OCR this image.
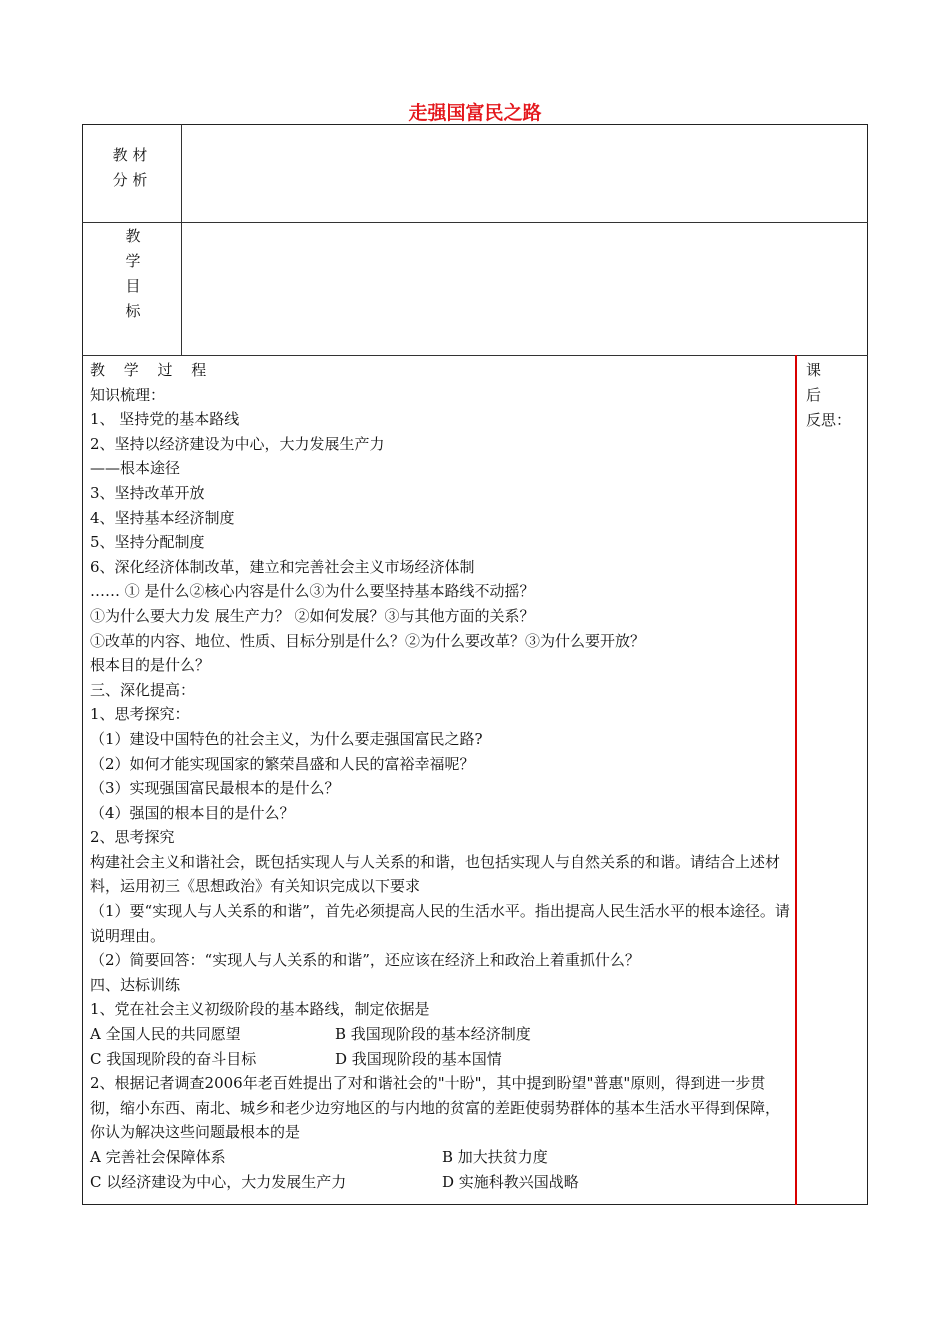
走强国富民之路
教 材
分 析
教
学
目
标
教 学 过 程
知识梳理：
1、 坚持党的基本路线
2、坚持以经济建设为中心，大力发展生产力
——根本途径
3、坚持改革开放
4、坚持基本经济制度
5、坚持分配制度
6、深化经济体制改革，建立和完善社会主义市场经济体制
…… ① 是什么②核心内容是什么③为什么要坚持基本路线不动摇？
①为什么要大力发 展生产力？ ②如何发展？③与其他方面的关系？
①改革的内容、地位、性质、目标分别是什么？②为什么要改革？③为什么要开放？
根本目的是什么？
三、深化提高：
1、思考探究：
（1）建设中国特色的社会主义，为什么要走强国富民之路?
（2）如何才能实现国家的繁荣昌盛和人民的富裕幸福呢？
（3）实现强国富民最根本的是什么？
（4）强国的根本目的是什么？
2、思考探究
构建社会主义和谐社会，既包括实现人与人关系的和谐，也包括实现人与自然关系的和谐。请结合上述材料，运用初三《思想政治》有关知识完成以下要求
（1）要“实现人与人关系的和谐”，首先必须提高人民的生活水平。指出提高人民生活水平的根本途径。请说明理由。
（2）简要回答：“实现人与人关系的和谐”，还应该在经济上和政治上着重抓什么？
四、达标训练
1、党在社会主义初级阶段的基本路线，制定依据是
A 全国人民的共同愿望	B 我国现阶段的基本经济制度
C 我国现阶段的奋斗目标	D 我国现阶段的基本国情
2、根据记者调查2006年老百姓提出了对和谐社会的"十盼"，其中提到盼望"普惠"原则，得到进一步贯彻，缩小东西、南北、城乡和老少边穷地区的与内地的贫富的差距使弱势群体的基本生活水平得到保障，你认为解决这些问题最根本的是
A 完善社会保障体系	B 加大扶贫力度
C 以经济建设为中心，大力发展生产力	D 实施科教兴国战略
课
后
反思：
